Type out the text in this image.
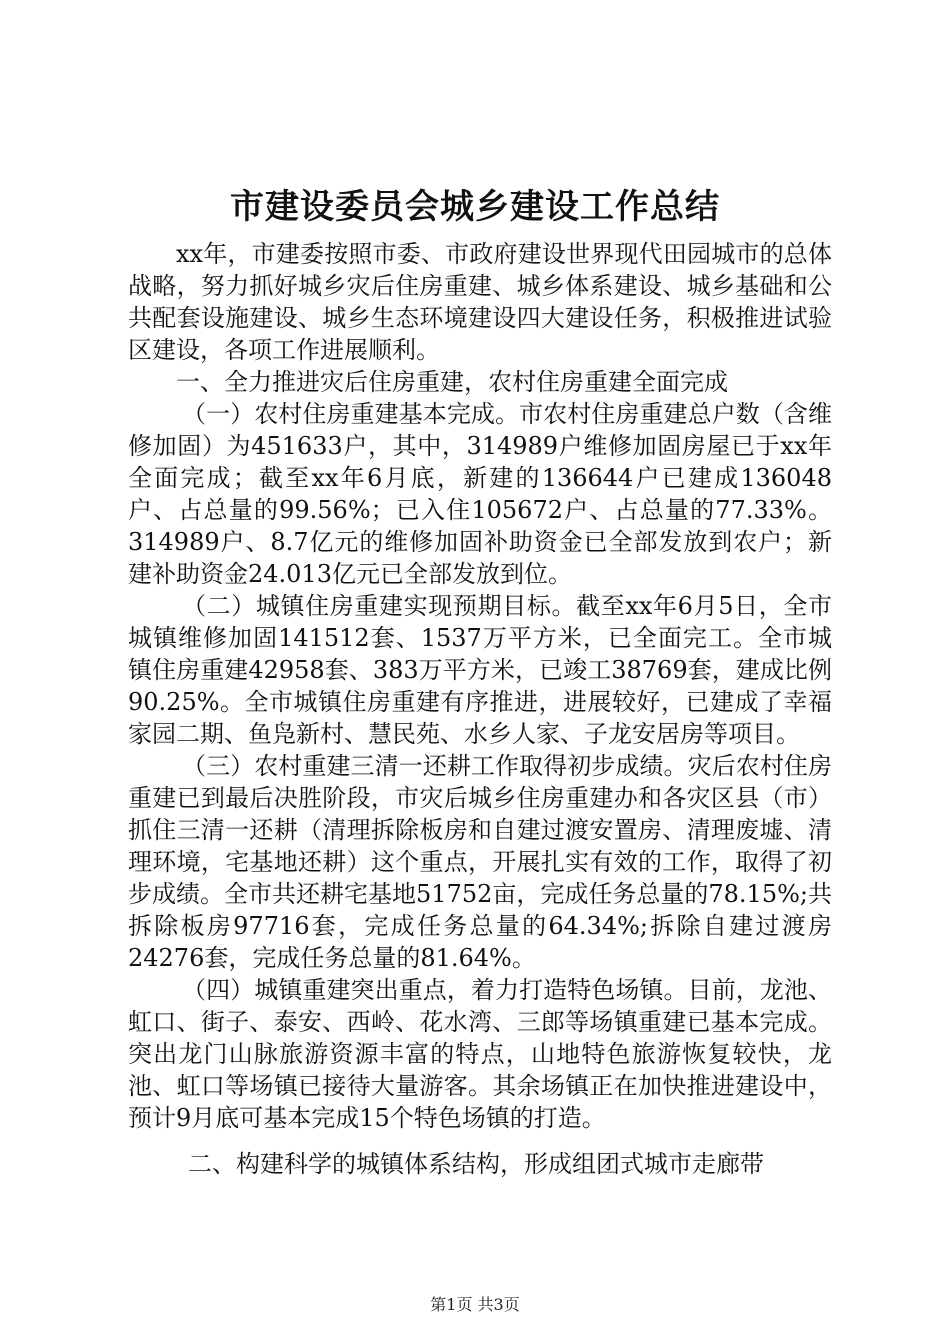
市建设委员会城乡建设工作总结

xx年，市建委按照市委、市政府建设世界现代田园城市的总体战略，努力抓好城乡灾后住房重建、城乡体系建设、城乡基础和公共配套设施建设、城乡生态环境建设四大建设任务，积极推进试验区建设，各项工作进展顺利。

一、全力推进灾后住房重建，农村住房重建全面完成

（一）农村住房重建基本完成。市农村住房重建总户数（含维修加固）为451633户，其中，314989户维修加固房屋已于xx年全面完成；截至xx年6月底，新建的136644户已建成136048户、占总量的99.56%；已入住105672户、占总量的77.33%。314989户、8.7亿元的维修加固补助资金已全部发放到农户；新建补助资金24.013亿元已全部发放到位。

（二）城镇住房重建实现预期目标。截至xx年6月5日，全市城镇维修加固141512套、1537万平方米，已全面完工。全市城镇住房重建42958套、383万平方米，已竣工38769套，建成比例90.25%。全市城镇住房重建有序推进，进展较好，已建成了幸福家园二期、鱼凫新村、慧民苑、水乡人家、子龙安居房等项目。

（三）农村重建三清一还耕工作取得初步成绩。灾后农村住房重建已到最后决胜阶段，市灾后城乡住房重建办和各灾区县（市）抓住三清一还耕（清理拆除板房和自建过渡安置房、清理废墟、清理环境，宅基地还耕）这个重点，开展扎实有效的工作，取得了初步成绩。全市共还耕宅基地51752亩，完成任务总量的78.15%;共拆除板房97716套，完成任务总量的64.34%;拆除自建过渡房24276套，完成任务总量的81.64%。

（四）城镇重建突出重点，着力打造特色场镇。目前，龙池、虹口、街子、泰安、西岭、花水湾、三郎等场镇重建已基本完成。突出龙门山脉旅游资源丰富的特点，山地特色旅游恢复较快，龙池、虹口等场镇已接待大量游客。其余场镇正在加快推进建设中，预计9月底可基本完成15个特色场镇的打造。

二、构建科学的城镇体系结构，形成组团式城市走廊带

第1页 共3页
